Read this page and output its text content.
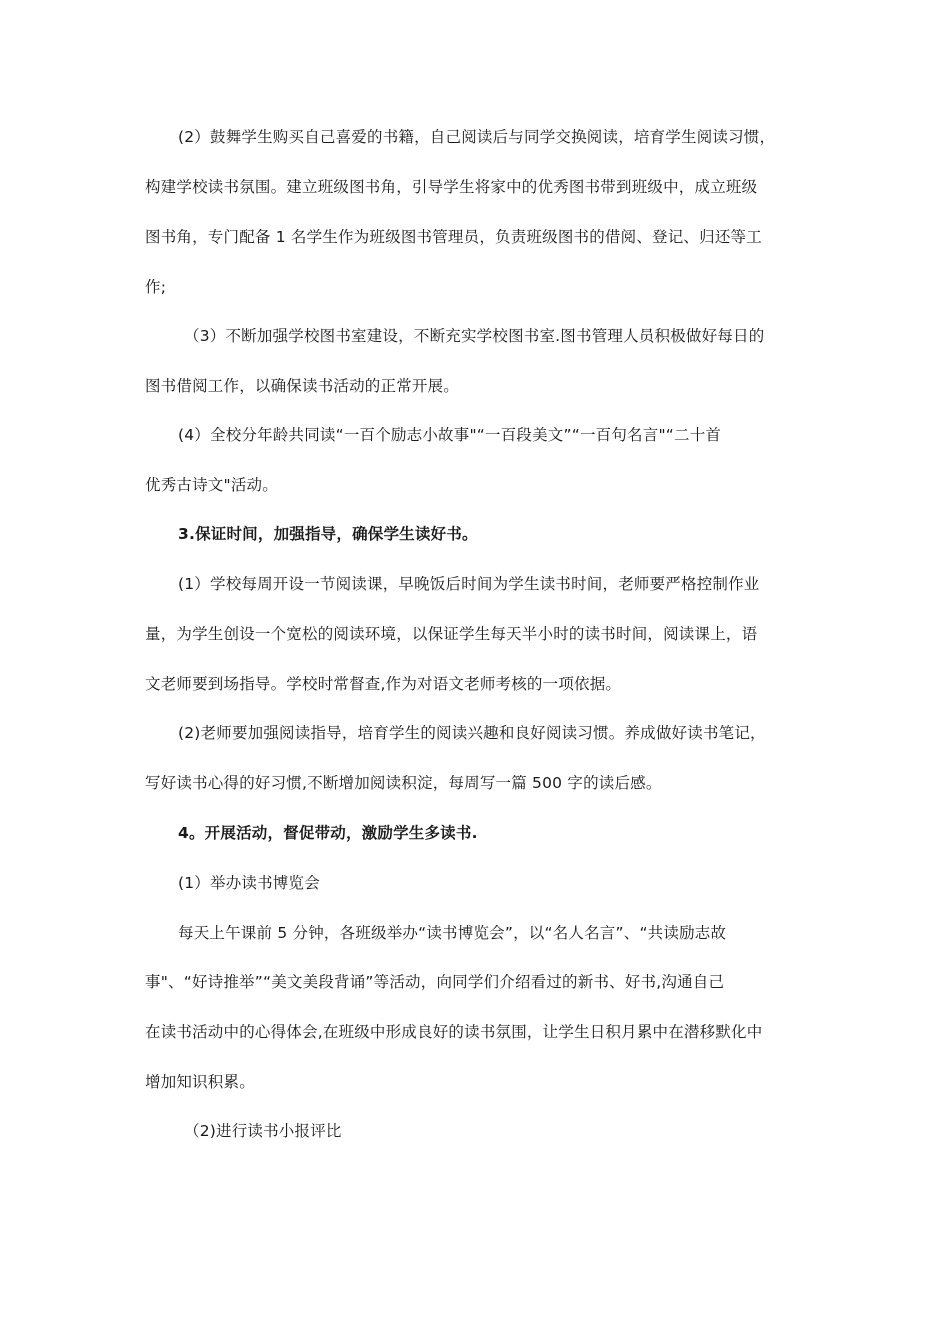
(2）鼓舞学生购买自己喜爱的书籍，自己阅读后与同学交换阅读，培育学生阅读习惯，
构建学校读书氛围。建立班级图书角，引导学生将家中的优秀图书带到班级中，成立班级
图书角，专门配备 1 名学生作为班级图书管理员，负责班级图书的借阅、登记、归还等工
作;
（3）不断加强学校图书室建设，不断充实学校图书室.图书管理人员积极做好每日的
图书借阅工作，以确保读书活动的正常开展。
(4）全校分年龄共同读“一百个励志小故事"“一百段美文”“一百句名言"“二十首
优秀古诗文"活动。
3.保证时间，加强指导，确保学生读好书。
(1）学校每周开设一节阅读课，早晚饭后时间为学生读书时间，老师要严格控制作业
量，为学生创设一个宽松的阅读环境，以保证学生每天半小时的读书时间，阅读课上，语
文老师要到场指导。学校时常督查,作为对语文老师考核的一项依据。
(2)老师要加强阅读指导，培育学生的阅读兴趣和良好阅读习惯。养成做好读书笔记，
写好读书心得的好习惯,不断增加阅读积淀，每周写一篇 500 字的读后感。
4。开展活动，督促带动，激励学生多读书.
(1）举办读书博览会
每天上午课前 5 分钟，各班级举办“读书博览会”，以“名人名言”、“共读励志故
事"、“好诗推举”“美文美段背诵”等活动，向同学们介绍看过的新书、好书,沟通自己
在读书活动中的心得体会,在班级中形成良好的读书氛围，让学生日积月累中在潜移默化中
增加知识积累。
（2)进行读书小报评比
